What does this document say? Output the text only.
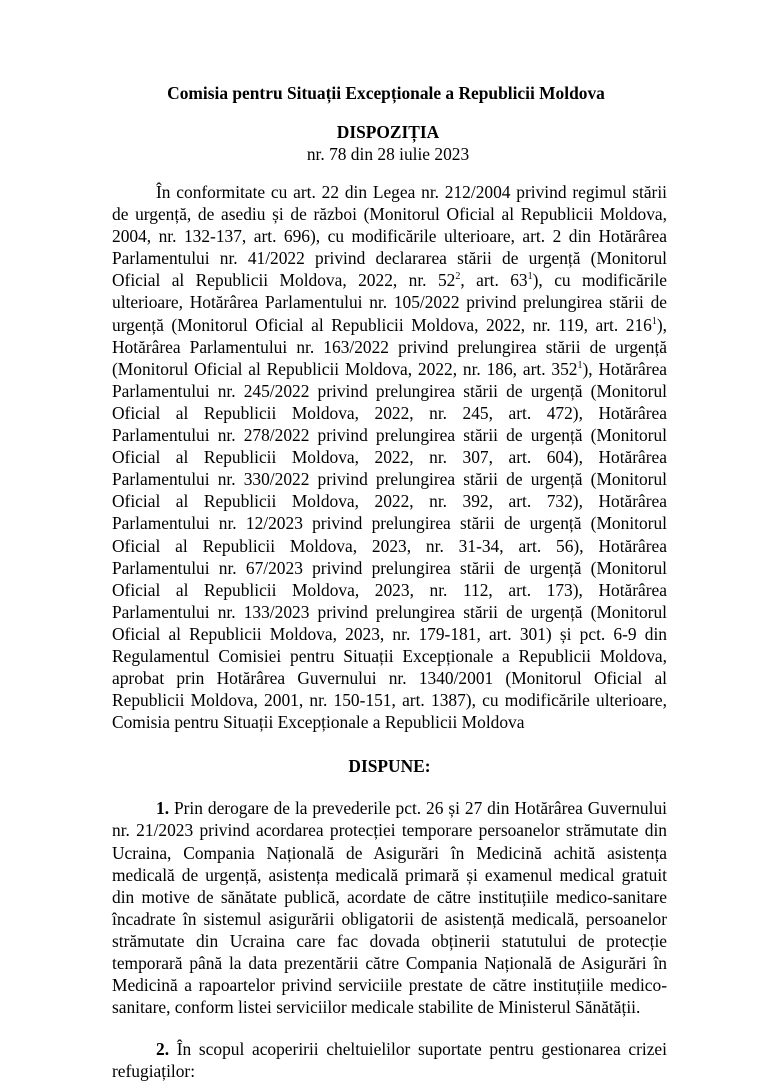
Comisia pentru Situații Excepționale a Republicii Moldova
DISPOZIȚIA
nr. 78 din 28 iulie 2023

În conformitate cu art. 22 din Legea nr. 212/2004 privind regimul stării de urgență, de asediu și de război (Monitorul Oficial al Republicii Moldova, 2004, nr. 132-137, art. 696), cu modificările ulterioare, art. 2 din Hotărârea Parlamentului nr. 41/2022 privind declararea stării de urgență (Monitorul Oficial al Republicii Moldova, 2022, nr. $52^2$, art. $63^1$), cu modificările ulterioare, Hotărârea Parlamentului nr. 105/2022 privind prelungirea stării de urgență (Monitorul Oficial al Republicii Moldova, 2022, nr. 119, art. $216^1$), Hotărârea Parlamentului nr. 163/2022 privind prelungirea stării de urgență (Monitorul Oficial al Republicii Moldova, 2022, nr. 186, art. $352^1$), Hotărârea Parlamentului nr. 245/2022 privind prelungirea stării de urgență (Monitorul Oficial al Republicii Moldova, 2022, nr. 245, art. 472), Hotărârea Parlamentului nr. 278/2022 privind prelungirea stării de urgență (Monitorul Oficial al Republicii Moldova, 2022, nr. 307, art. 604), Hotărârea Parlamentului nr. 330/2022 privind prelungirea stării de urgență (Monitorul Oficial al Republicii Moldova, 2022, nr. 392, art. 732), Hotărârea Parlamentului nr. 12/2023 privind prelungirea stării de urgență (Monitorul Oficial al Republicii Moldova, 2023, nr. 31-34, art. 56), Hotărârea Parlamentului nr. 67/2023 privind prelungirea stării de urgență (Monitorul Oficial al Republicii Moldova, 2023, nr. 112, art. 173), Hotărârea Parlamentului nr. 133/2023 privind prelungirea stării de urgență (Monitorul Oficial al Republicii Moldova, 2023, nr. 179-181, art. 301) și pct. 6-9 din Regulamentul Comisiei pentru Situații Excepționale a Republicii Moldova, aprobat prin Hotărârea Guvernului nr. 1340/2001 (Monitorul Oficial al Republicii Moldova, 2001, nr. 150-151, art. 1387), cu modificările ulterioare, Comisia pentru Situații Excepționale a Republicii Moldova

DISPUNE:

1. Prin derogare de la prevederile pct. 26 și 27 din Hotărârea Guvernului nr. 21/2023 privind acordarea protecției temporare persoanelor strămutate din Ucraina, Compania Națională de Asigurări în Medicină achită asistența medicală de urgență, asistența medicală primară și examenul medical gratuit din motive de sănătate publică, acordate de către instituțiile medico-sanitare încadrate în sistemul asigurării obligatorii de asistență medicală, persoanelor strămutate din Ucraina care fac dovada obținerii statutului de protecție temporară până la data prezentării către Compania Națională de Asigurări în Medicină a rapoartelor privind serviciile prestate de către instituțiile medico-sanitare, conform listei serviciilor medicale stabilite de Ministerul Sănătății.

2. În scopul acoperirii cheltuielilor suportate pentru gestionarea crizei refugiaților:
